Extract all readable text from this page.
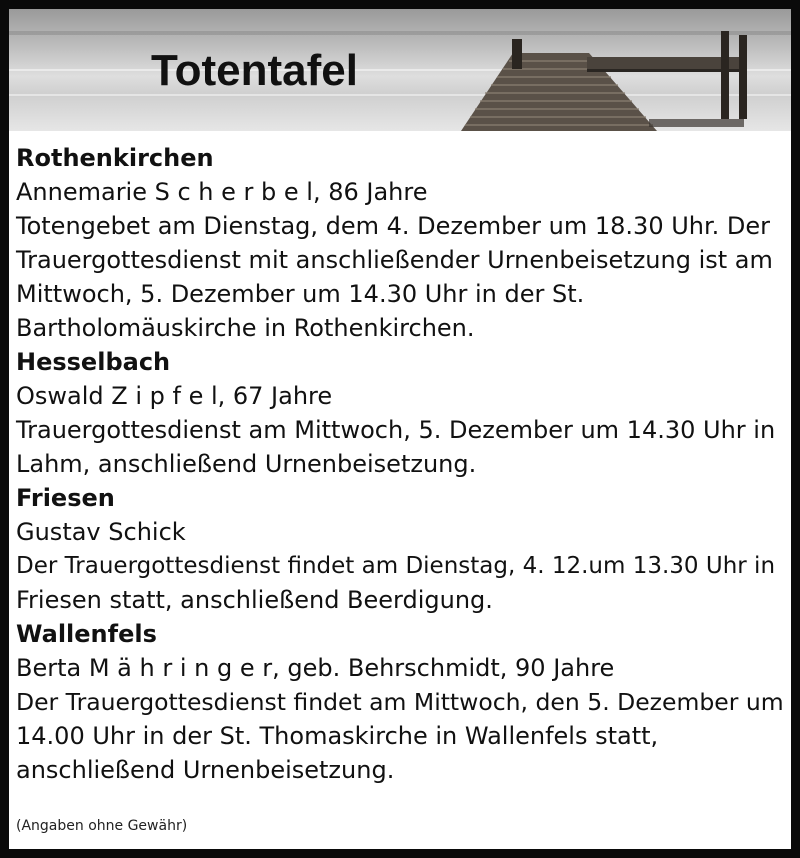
Totentafel
Rothenkirchen
Annemarie S c h e r b e l, 86 Jahre
Totengebet am Dienstag, dem 4. Dezember um 18.30 Uhr. Der
Trauergottesdienst mit anschließender Urnenbeisetzung ist am
Mittwoch, 5. Dezember um 14.30 Uhr in der St.
Bartholomäuskirche in Rothenkirchen.
Hesselbach
Oswald Z i p f e l, 67 Jahre
Trauergottesdienst am Mittwoch, 5. Dezember um 14.30 Uhr in
Lahm, anschließend Urnenbeisetzung.
Friesen
Gustav Schick
Der Trauergottesdienst findet am Dienstag, 4. 12.um 13.30 Uhr in
Friesen statt, anschließend Beerdigung.
Wallenfels
Berta M ä h r i n g e r, geb. Behrschmidt, 90 Jahre
Der Trauergottesdienst findet am Mittwoch, den 5. Dezember um
14.00 Uhr in der St. Thomaskirche in Wallenfels statt,
anschließend Urnenbeisetzung.
(Angaben ohne Gewähr)
